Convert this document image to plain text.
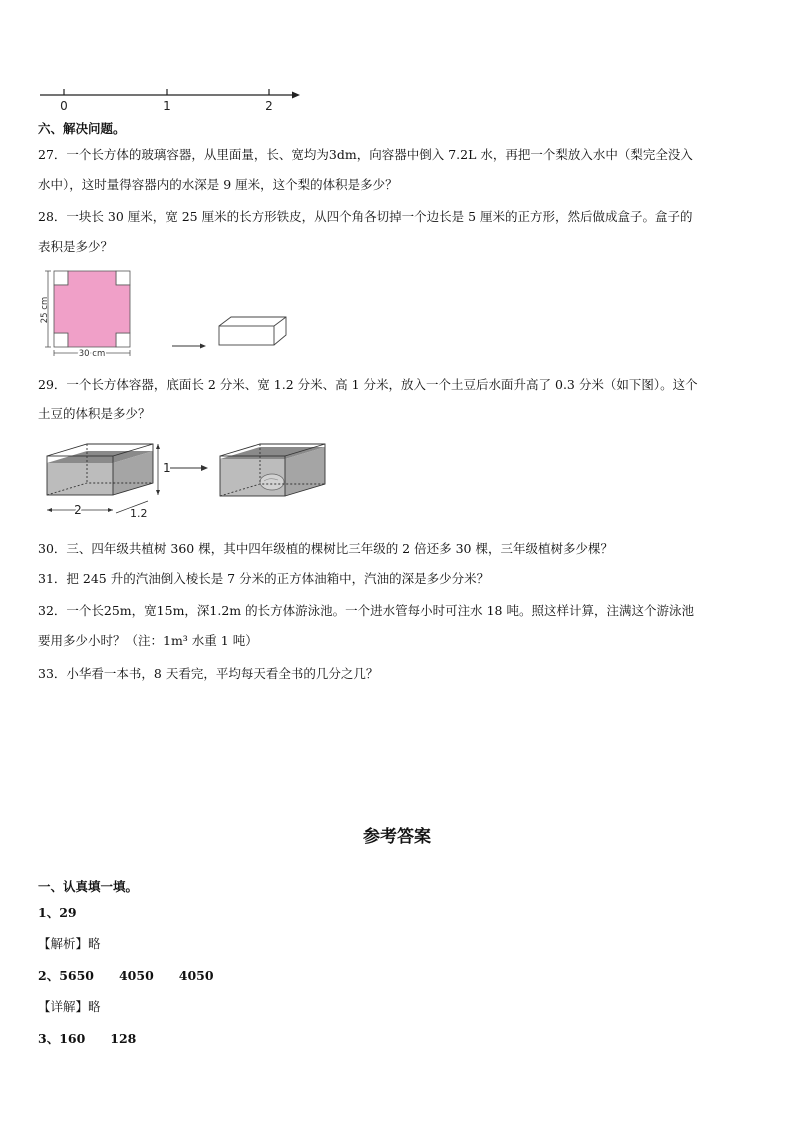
0	1	2
六、解决问题。
27．一个长方体的玻璃容器，从里面量，长、宽均为3dm，向容器中倒入 7.2L 水，再把一个梨放入水中（梨完全没入
水中），这时量得容器内的水深是 9 厘米，这个梨的体积是多少？
28．一块长 30 厘米，宽 25 厘米的长方形铁皮，从四个角各切掉一个边长是 5 厘米的正方形，然后做成盒子。盒子的
表积是多少？
25 cm
30 cm
29．一个长方体容器，底面长 2 分米、宽 1.2 分米、高 1 分米，放入一个土豆后水面升高了 0.3 分米（如下图）。这个
土豆的体积是多少？
1
2	1.2
30．三、四年级共植树 360 棵，其中四年级植的棵树比三年级的 2 倍还多 30 棵，三年级植树多少棵？
31．把 245 升的汽油倒入棱长是 7 分米的正方体油箱中，汽油的深是多少分米？
32．一个长25m，宽15m，深1.2m 的长方体游泳池。一个进水管每小时可注水 18 吨。照这样计算，注满这个游泳池
要用多少小时？（注：1m³ 水重 1 吨）
33．小华看一本书，8 天看完，平均每天看全书的几分之几？
参考答案
一、认真填一填。
1、29
【解析】略
2、5650　　4050　　4050
【详解】略
3、160　　128
